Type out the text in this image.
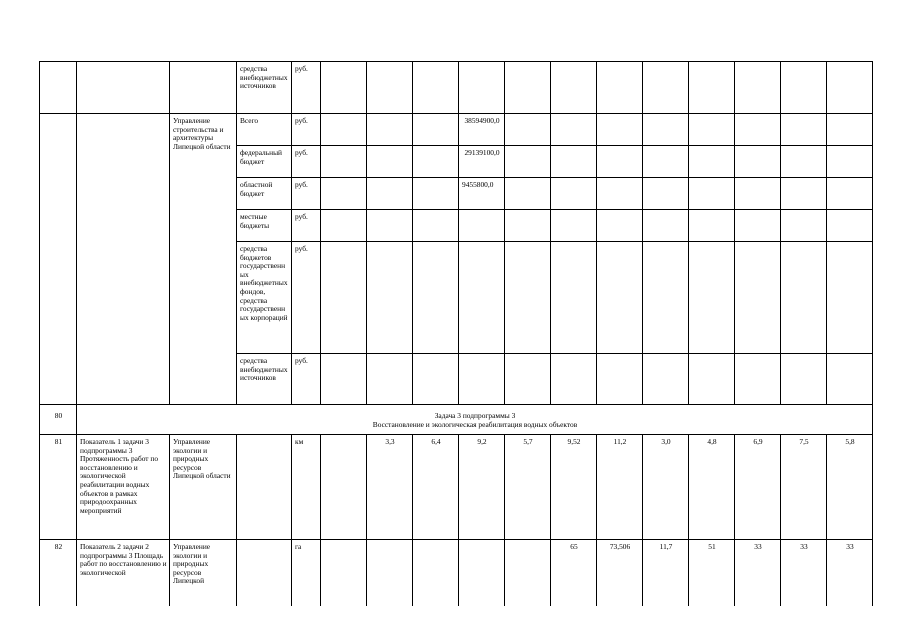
			средства внебюджетных источников	руб.												
		Управление строительства и архитектуры Липецкой области	Всего	руб.				38594900,0								
			федеральный бюджет	руб.				29139100,0								
			областной бюджет	руб.				9455800,0								
			местные бюджеты	руб.												
			средства бюджетов государственных внебюджетных фондов, средства государственных корпораций	руб.												
			средства внебюджетных источников	руб.												
80	Задача 3 подпрограммы 3
Восстановление и экологическая реабилитация водных объектов															

81	Показатель 1 задачи 3 подпрограммы 3 Протяженность работ по восстановлению и экологической реабилитации водных объектов в рамках природоохранных мероприятий	Управление экологии и природных ресурсов Липецкой области		км		3,3	6,4	9,2	5,7	9,52	11,2	3,0	4,8	6,9	7,5	5,8
82	Показатель 2 задачи 2 подпрограммы 3 Площадь работ по восстановлению и экологической	Управление экологии и природных ресурсов Липецкой		га						65	73,506	11,7	51	33	33	33
